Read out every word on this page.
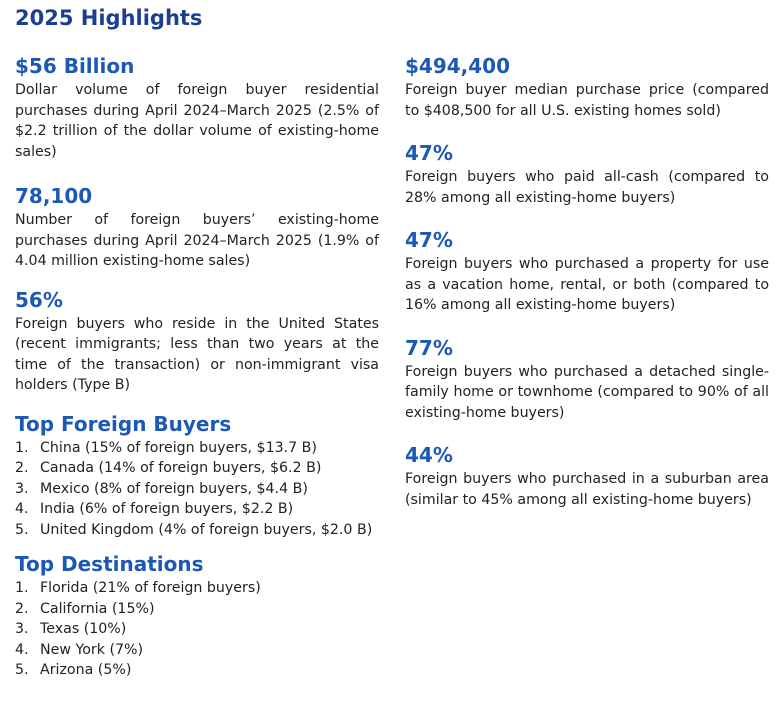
2025 Highlights

$56 Billion

Dollar volume of foreign buyer residential purchases during April 2024–March 2025 (2.5% of $2.2 trillion of the dollar volume of existing-home sales)

78,100

Number of foreign buyers’ existing-home purchases during April 2024–March 2025 (1.9% of 4.04 million existing-home sales)

56%

Foreign buyers who reside in the United States (recent immigrants; less than two years at the time of the transaction) or non-immigrant visa holders (Type B)

Top Foreign Buyers

1. China (15% of foreign buyers, $13.7 B)
2. Canada (14% of foreign buyers, $6.2 B)
3. Mexico (8% of foreign buyers, $4.4 B)
4. India (6% of foreign buyers, $2.2 B)
5. United Kingdom (4% of foreign buyers, $2.0 B)

Top Destinations

1. Florida (21% of foreign buyers)
2. California (15%)
3. Texas (10%)
4. New York (7%)
5. Arizona (5%)

$494,400

Foreign buyer median purchase price (compared to $408,500 for all U.S. existing homes sold)

47%

Foreign buyers who paid all-cash (compared to 28% among all existing-home buyers)

47%

Foreign buyers who purchased a property for use as a vacation home, rental, or both (compared to 16% among all existing-home buyers)

77%

Foreign buyers who purchased a detached single-family home or townhome (compared to 90% of all existing-home buyers)

44%

Foreign buyers who purchased in a suburban area (similar to 45% among all existing-home buyers)
